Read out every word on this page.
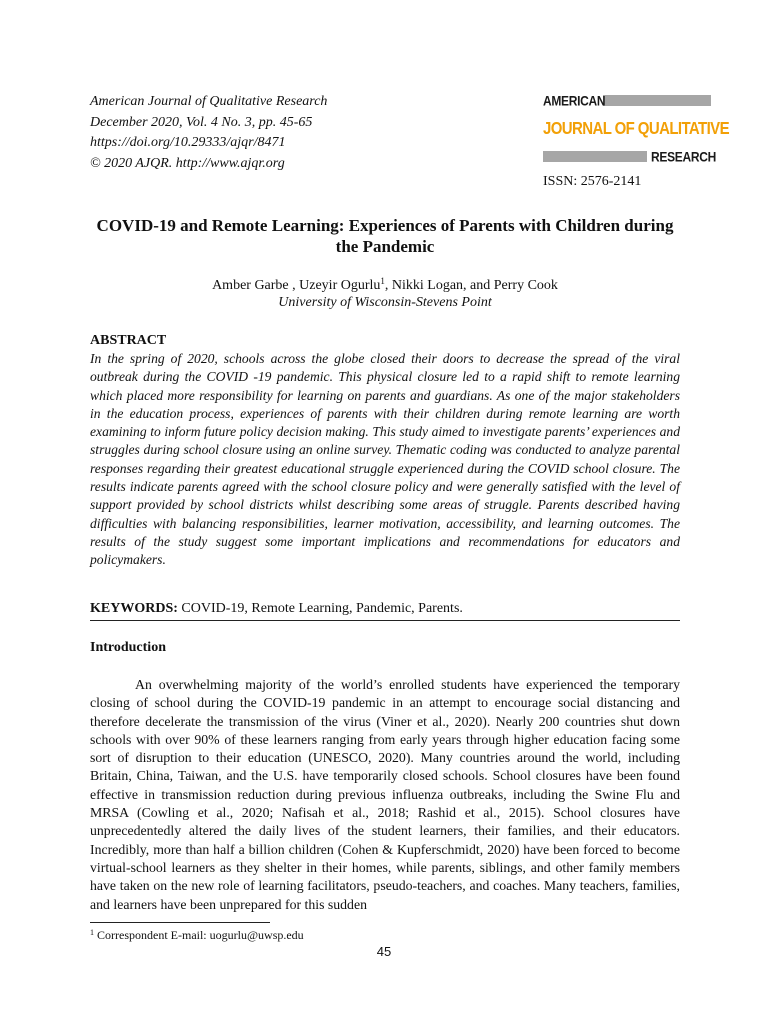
American Journal of Qualitative Research
December 2020, Vol. 4 No. 3, pp. 45-65
https://doi.org/10.29333/ajqr/8471
© 2020 AJQR. http://www.ajqr.org
AMERICAN
JOURNAL OF QUALITATIVE
RESEARCH
ISSN: 2576-2141
COVID-19 and Remote Learning: Experiences of Parents with Children during the Pandemic
Amber Garbe , Uzeyir Ogurlu$^1$, Nikki Logan, and Perry Cook
University of Wisconsin-Stevens Point
ABSTRACT
In the spring of 2020, schools across the globe closed their doors to decrease the spread of the viral outbreak during the COVID -19 pandemic. This physical closure led to a rapid shift to remote learning which placed more responsibility for learning on parents and guardians. As one of the major stakeholders in the education process, experiences of parents with their children during remote learning are worth examining to inform future policy decision making. This study aimed to investigate parents’ experiences and struggles during school closure using an online survey. Thematic coding was conducted to analyze parental responses regarding their greatest educational struggle experienced during the COVID school closure. The results indicate parents agreed with the school closure policy and were generally satisfied with the level of support provided by school districts whilst describing some areas of struggle. Parents described having difficulties with balancing responsibilities, learner motivation, accessibility, and learning outcomes. The results of the study suggest some important implications and recommendations for educators and policymakers.
KEYWORDS: COVID-19, Remote Learning, Pandemic, Parents.
Introduction
An overwhelming majority of the world’s enrolled students have experienced the temporary closing of school during the COVID-19 pandemic in an attempt to encourage social distancing and therefore decelerate the transmission of the virus (Viner et al., 2020). Nearly 200 countries shut down schools with over 90% of these learners ranging from early years through higher education facing some sort of disruption to their education (UNESCO, 2020). Many countries around the world, including Britain, China, Taiwan, and the U.S. have temporarily closed schools. School closures have been found effective in transmission reduction during previous influenza outbreaks, including the Swine Flu and MRSA (Cowling et al., 2020; Nafisah et al., 2018; Rashid et al., 2015). School closures have unprecedentedly altered the daily lives of the student learners, their families, and their educators. Incredibly, more than half a billion children (Cohen & Kupferschmidt, 2020) have been forced to become virtual-school learners as they shelter in their homes, while parents, siblings, and other family members have taken on the new role of learning facilitators, pseudo-teachers, and coaches. Many teachers, families, and learners have been unprepared for this sudden
$^1$ Correspondent E-mail: uogurlu@uwsp.edu
45
